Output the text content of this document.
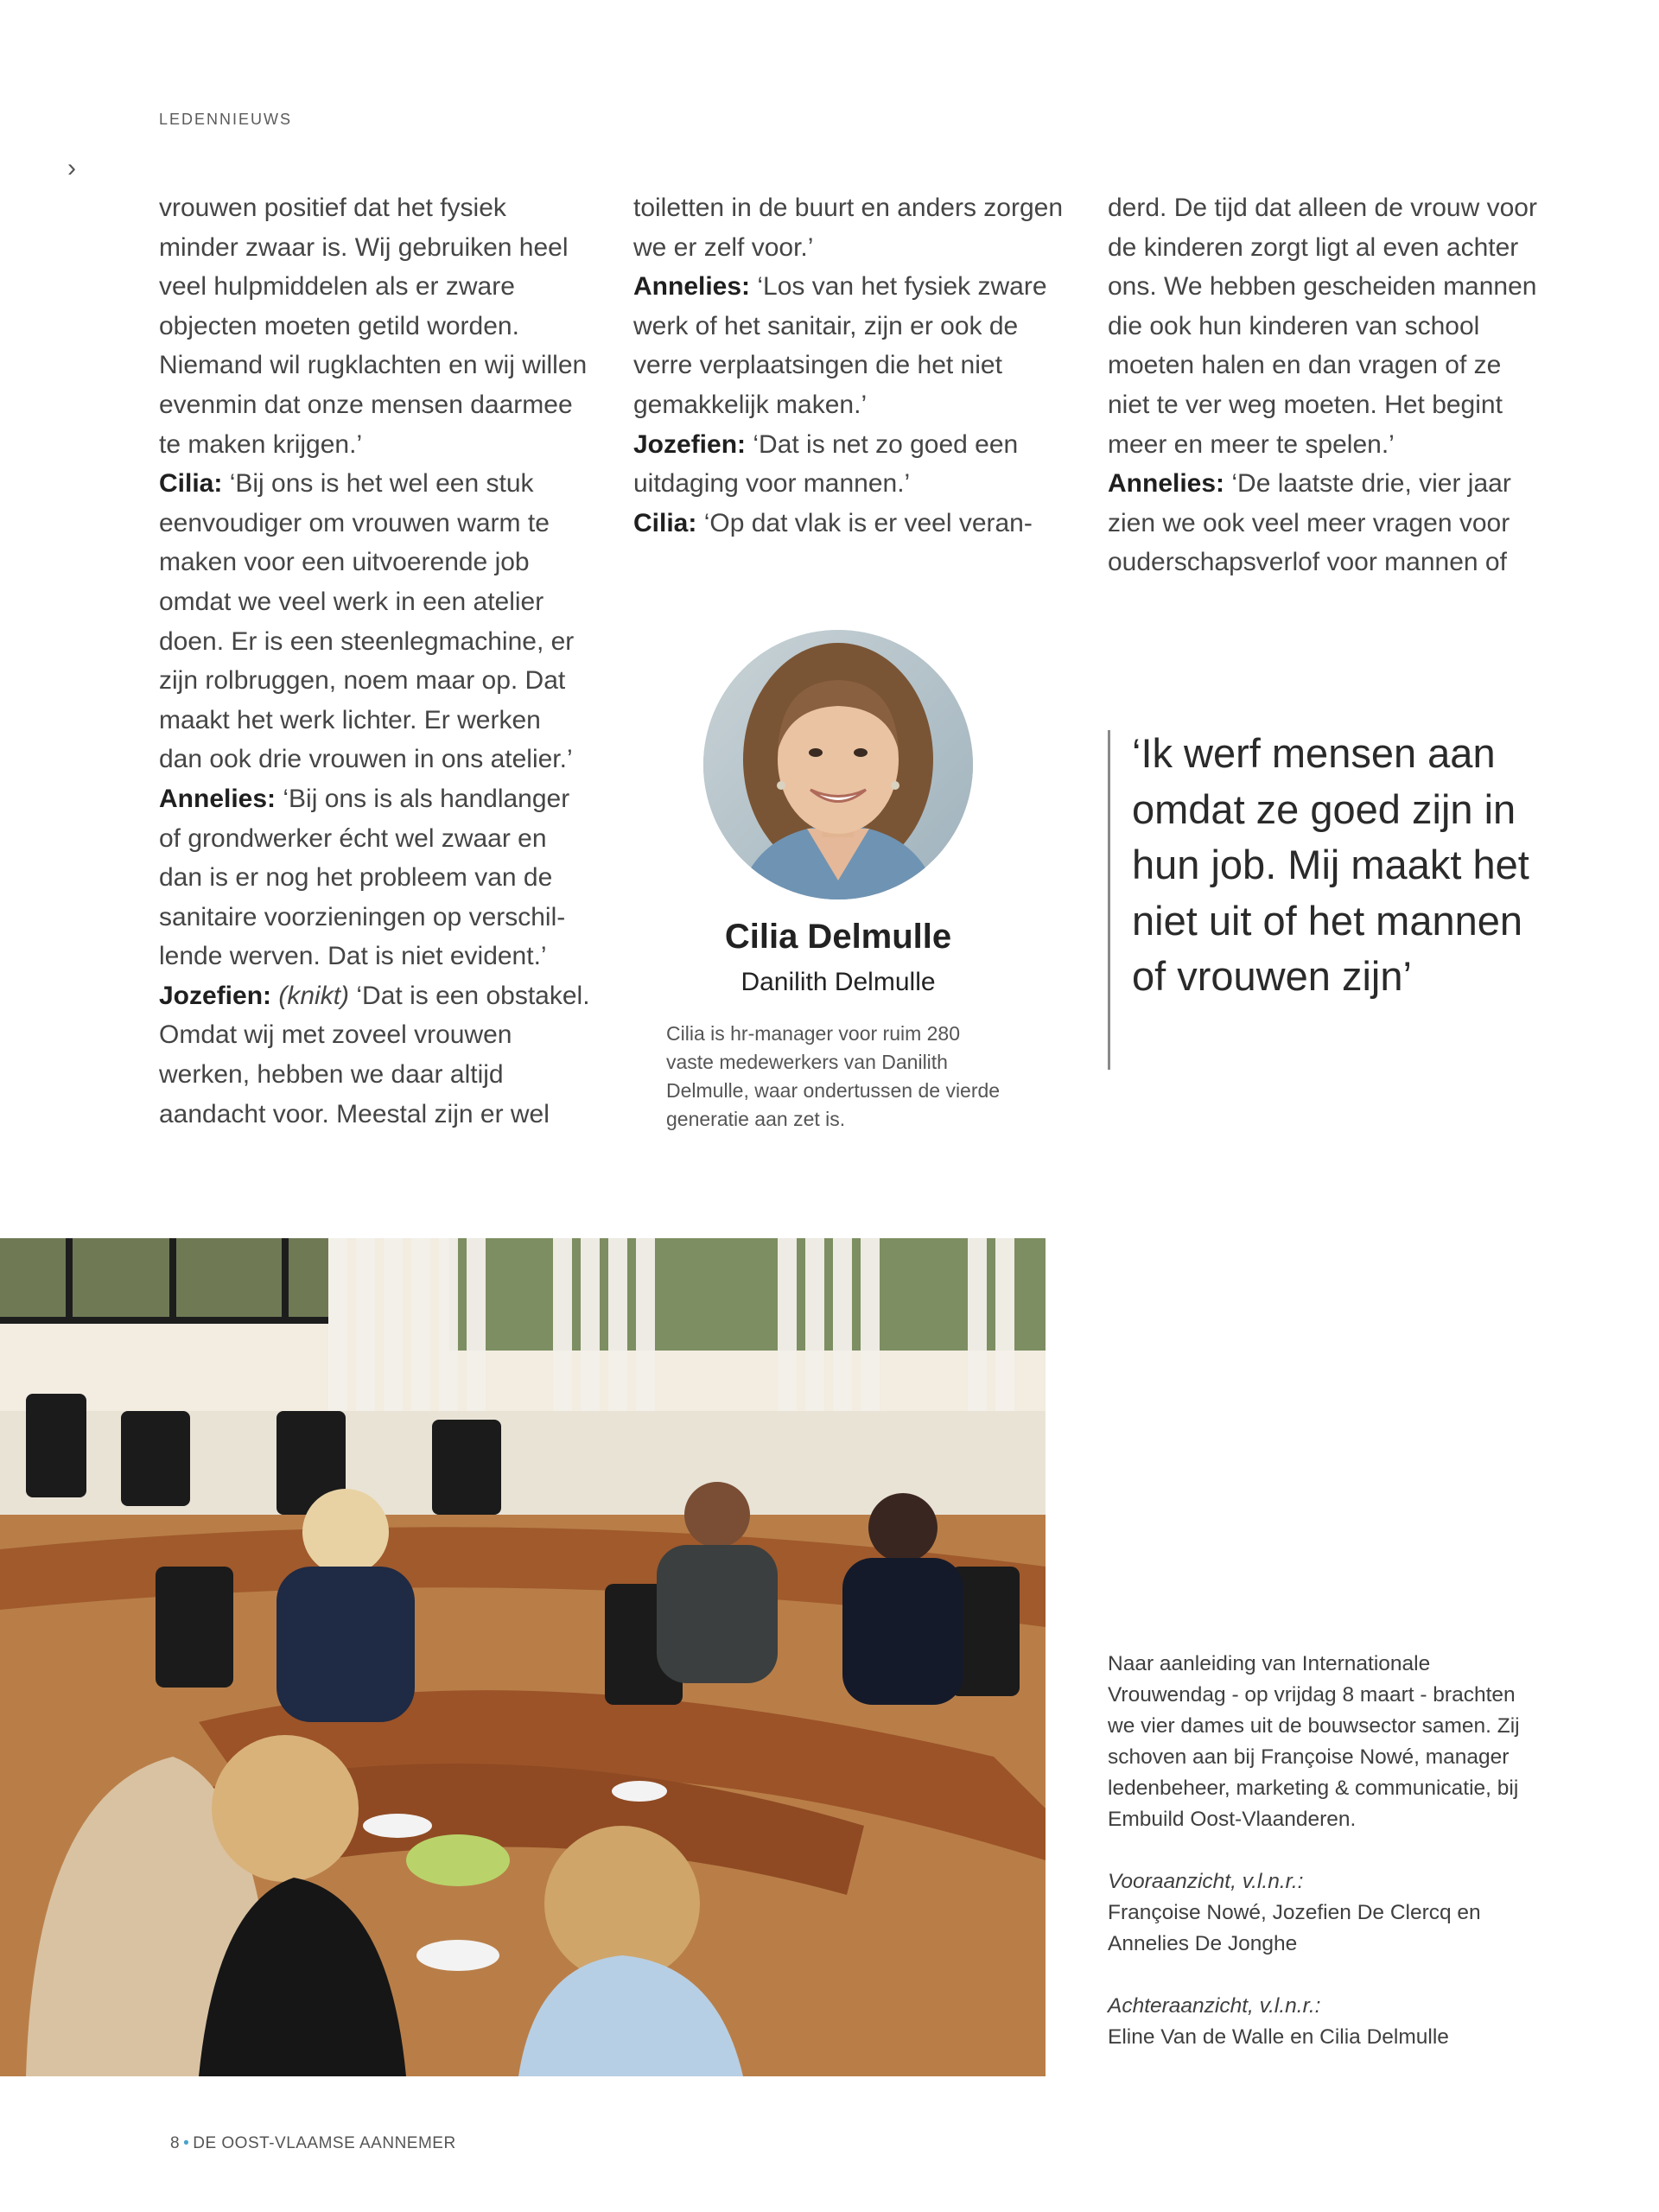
LEDENNIEUWS
›

vrouwen positief dat het fysiek minder zwaar is. Wij gebruiken heel veel hulpmiddelen als er zware objecten moeten getild worden. Niemand wil rugklachten en wij willen evenmin dat onze mensen daarmee te maken krijgen.’

Cilia: ‘Bij ons is het wel een stuk eenvoudiger om vrouwen warm te maken voor een uitvoerende job omdat we veel werk in een atelier doen. Er is een steenlegmachine, er zijn rolbruggen, noem maar op. Dat maakt het werk lichter. Er werken dan ook drie vrouwen in ons atelier.’

Annelies: ‘Bij ons is als handlanger of grondwerker écht wel zwaar en dan is er nog het probleem van de sanitaire voorzieningen op verschillende werven. Dat is niet evident.’

Jozefien: (knikt) ‘Dat is een obstakel. Omdat wij met zoveel vrouwen werken, hebben we daar altijd aandacht voor. Meestal zijn er wel

toiletten in de buurt en anders zorgen we er zelf voor.’

Annelies: ‘Los van het fysiek zware werk of het sanitair, zijn er ook de verre verplaatsingen die het niet gemakkelijk maken.’

Jozefien: ‘Dat is net zo goed een uitdaging voor mannen.’

Cilia: ‘Op dat vlak is er veel veran-

derd. De tijd dat alleen de vrouw voor de kinderen zorgt ligt al even achter ons. We hebben gescheiden mannen die ook hun kinderen van school moeten halen en dan vragen of ze niet te ver weg moeten. Het begint meer en meer te spelen.’

Annelies: ‘De laatste drie, vier jaar zien we ook veel meer vragen voor ouderschapsverlof voor mannen of

Cilia Delmulle
Danilith Delmulle
Cilia is hr-manager voor ruim 280 vaste medewerkers van Danilith Delmulle, waar ondertussen de vierde generatie aan zet is.
‘Ik werf mensen aan omdat ze goed zijn in hun job. Mij maakt het niet uit of het mannen of vrouwen zijn’

Naar aanleiding van Internationale Vrouwendag - op vrijdag 8 maart - brachten we vier dames uit de bouwsector samen. Zij schoven aan bij Françoise Nowé, manager ledenbeheer, marketing & communicatie, bij Embuild Oost-Vlaanderen.

Vooraanzicht, v.l.n.r.:
Françoise Nowé, Jozefien De Clercq en Annelies De Jonghe

Achteraanzicht, v.l.n.r.:
Eline Van de Walle en Cilia Delmulle

8 • DE OOST-VLAAMSE AANNEMER
